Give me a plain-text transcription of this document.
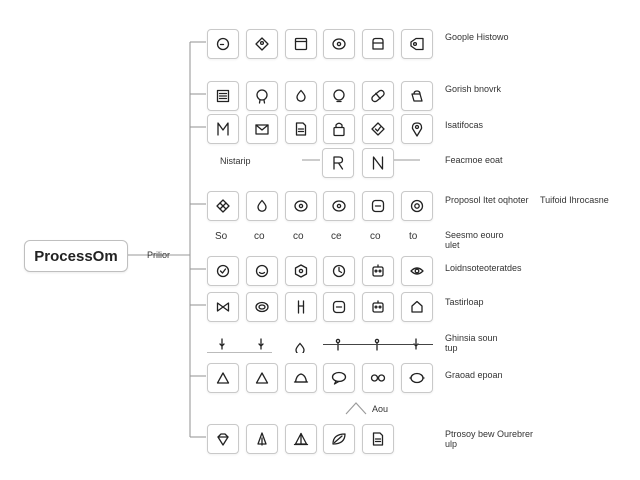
ProcessOm	Prilior
Goople Histowo
Gorish bnovrk
Isatifocas
Feacmoe eoat
Nistarip
Proposol Itet oqhoter Tuifoid Ihrocasne
So	co	co	ce	co	to	Seesmo eouro
ulet
Loidnsoteoteratdes
Tastirloap
Ghinsia soun
tup
Graoad epoan
Ptrosoy bew Ourebrer
ulp
Aou
